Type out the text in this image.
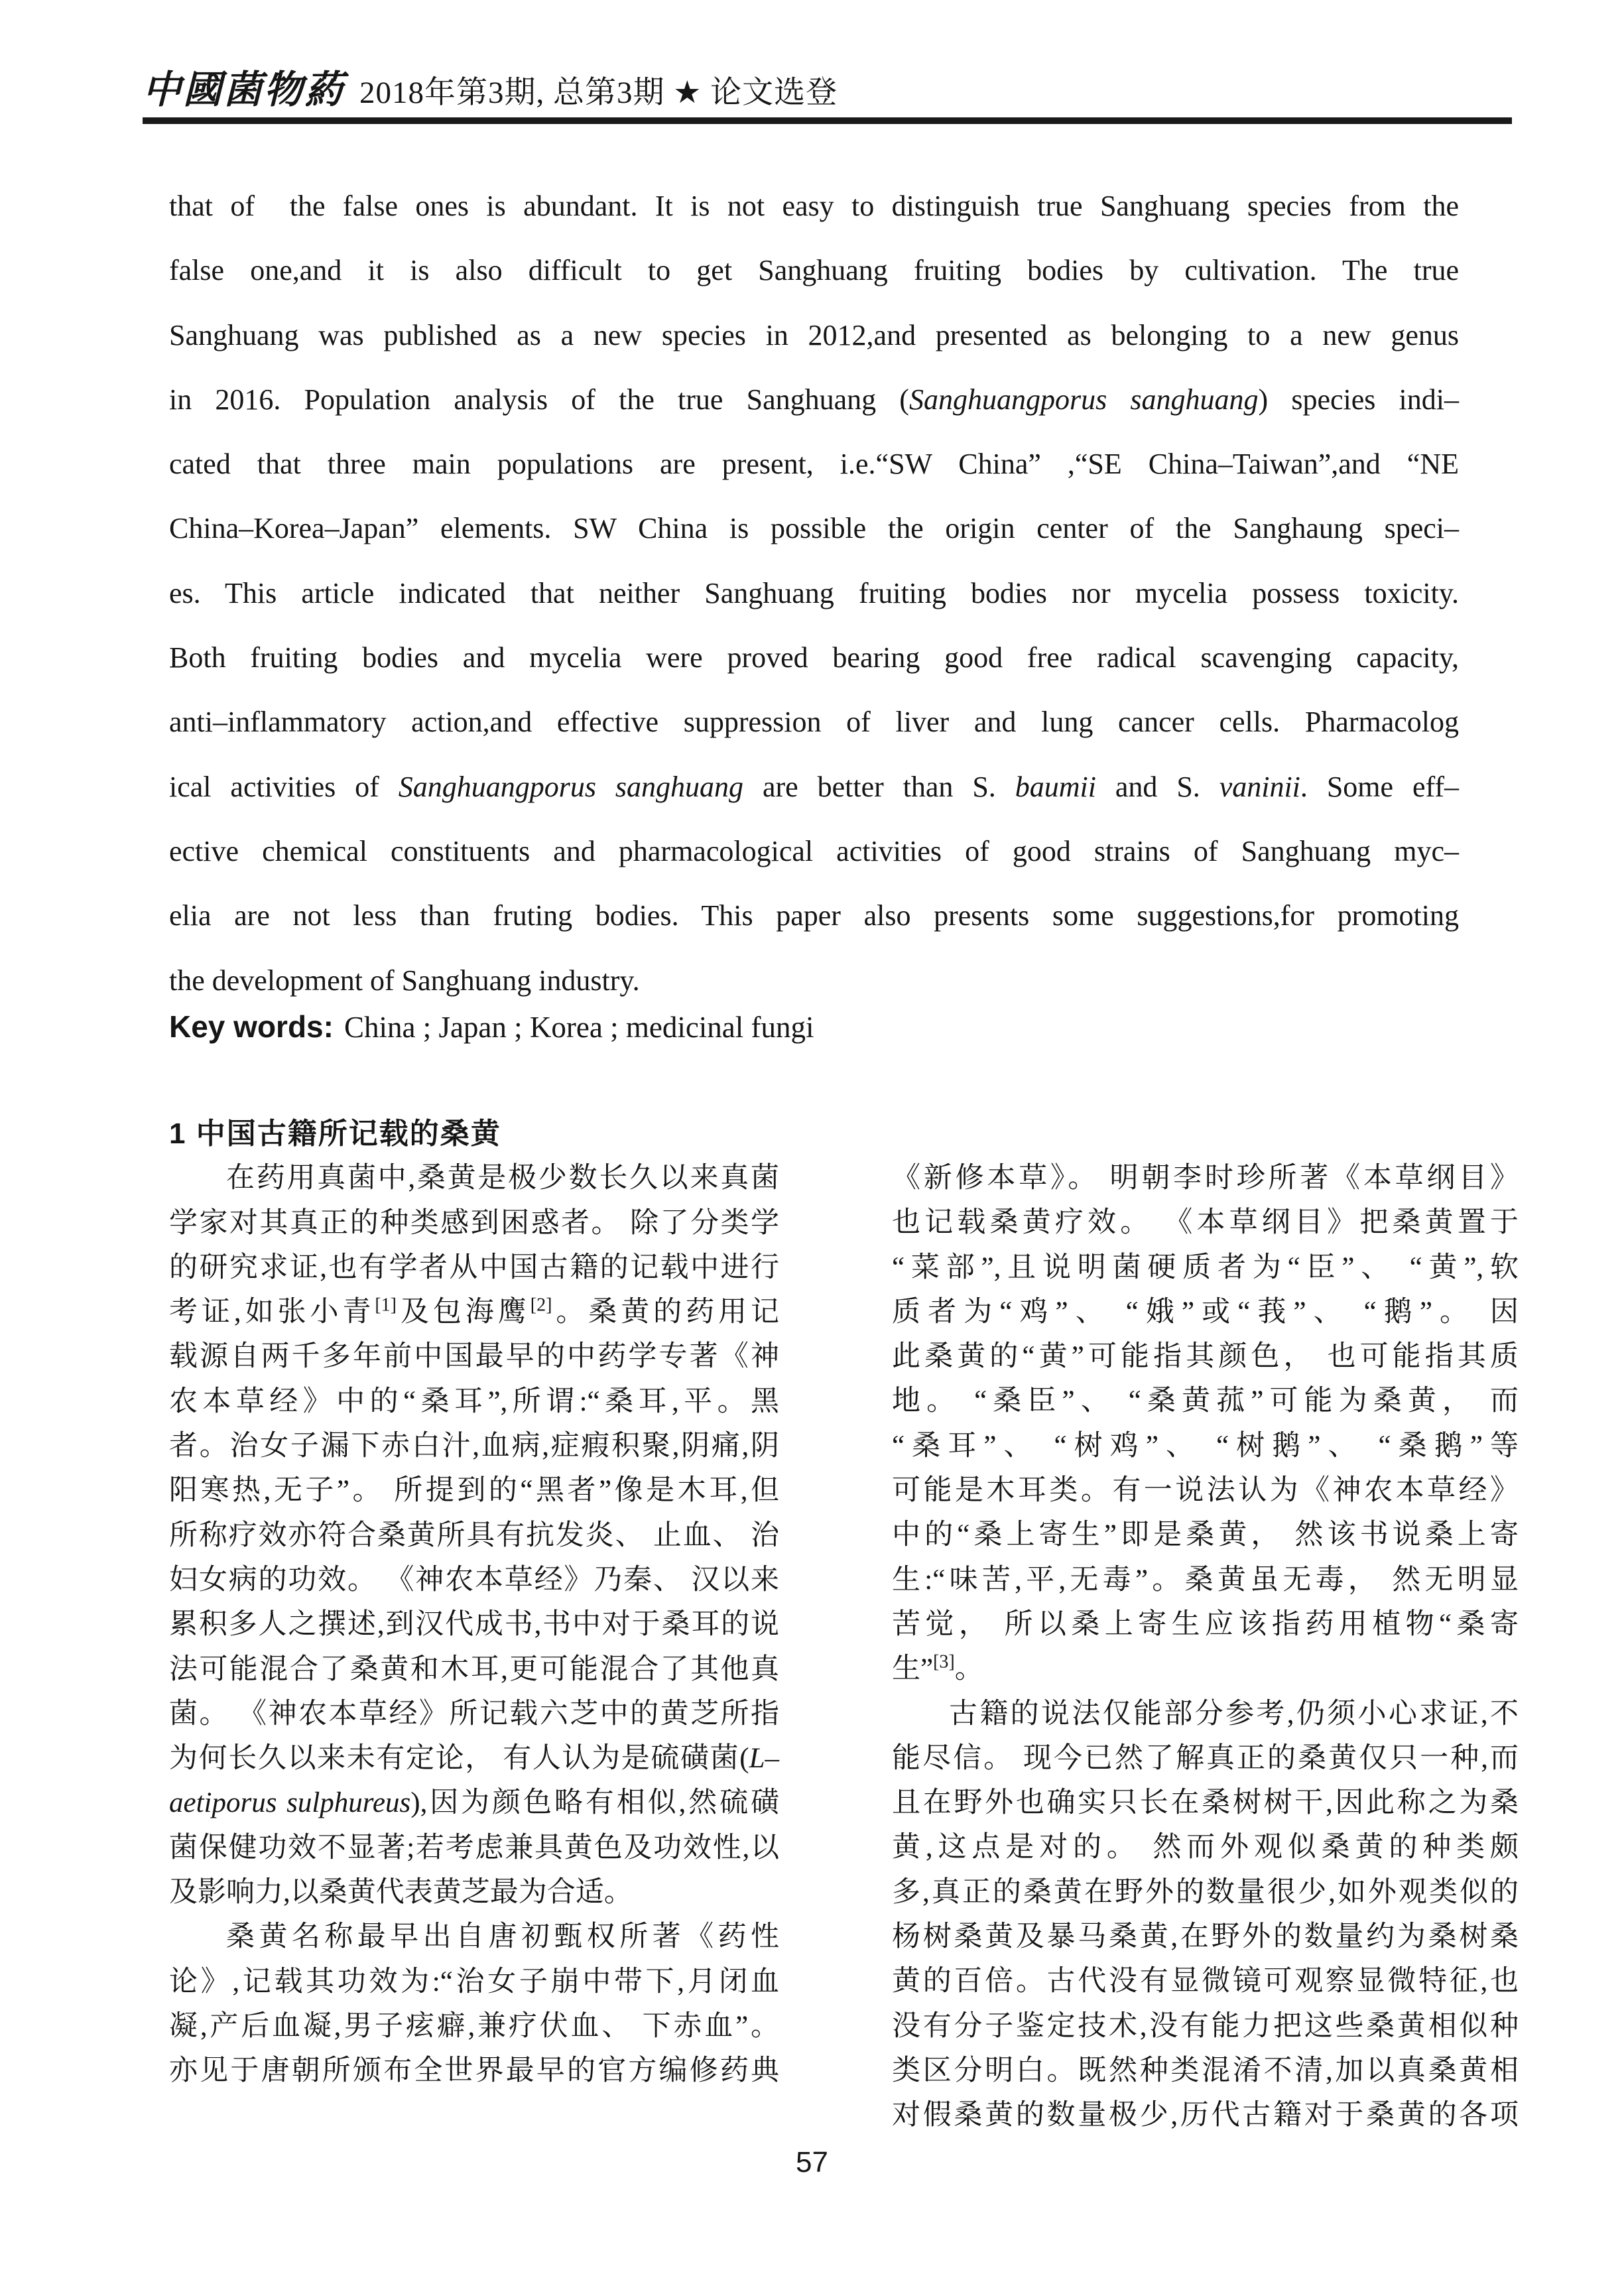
中國菌物葯 2018年第3期, 总第3期 ★ 论文选登
that of  the false ones is abundant. It is not easy to distinguish true Sanghuang species from the
false one,and it is also difficult to get Sanghuang fruiting bodies by cultivation. The true
Sanghuang was published as a new species in 2012,and presented as belonging to a new genus
in 2016. Population analysis of the true Sanghuang (Sanghuangporus sanghuang) species indi–
cated that three main populations are present, i.e.“SW China” ,“SE China–Taiwan”,and “NE
China–Korea–Japan” elements. SW China is possible the origin center of the Sanghaung speci–
es. This article indicated that neither Sanghuang fruiting bodies nor mycelia possess toxicity.
Both fruiting bodies and mycelia were proved bearing good free radical scavenging capacity,
anti–inflammatory action,and effective suppression of liver and lung cancer cells. Pharmacolog
ical activities of Sanghuangporus sanghuang are better than S. baumii and S. vaninii. Some eff–
ective chemical constituents and pharmacological activities of good strains of Sanghuang myc–
elia are not less than fruting bodies. This paper also presents some suggestions,for promoting
the development of Sanghuang industry.

Key words: China ; Japan ; Korea ; medicinal fungi

1 中国古籍所记载的桑黄
在药用真菌中,桑黄是极少数长久以来真菌
学家对其真正的种类感到困惑者。 除了分类学
的研究求证,也有学者从中国古籍的记载中进行
考证,如张小青[1]及包海鹰[2]。桑黄的药用记
载源自两千多年前中国最早的中药学专著《神
农本草经》中的“桑耳”,所谓:“桑耳,平。黑
者。治女子漏下赤白汁,血病,症瘕积聚,阴痛,阴
阳寒热,无子”。 所提到的“黑者”像是木耳,但
所称疗效亦符合桑黄所具有抗发炎、 止血、 治
妇女病的功效。 《神农本草经》乃秦、 汉以来
累积多人之撰述,到汉代成书,书中对于桑耳的说
法可能混合了桑黄和木耳,更可能混合了其他真
菌。 《神农本草经》所记载六芝中的黄芝所指
为何长久以来未有定论， 有人认为是硫磺菌(L–
aetiporus sulphureus),因为颜色略有相似,然硫磺
菌保健功效不显著;若考虑兼具黄色及功效性,以
及影响力,以桑黄代表黄芝最为合适。
桑黄名称最早出自唐初甄权所著《药性
论》,记载其功效为:“治女子崩中带下,月闭血
凝,产后血凝,男子痃癖,兼疗伏血、 下赤血”。
亦见于唐朝所颁布全世界最早的官方编修药典
《新修本草》。 明朝李时珍所著《本草纲目》
也记载桑黄疗效。 《本草纲目》把桑黄置于
“菜部”,且说明菌硬质者为“臣”、 “黄”,软
质者为“鸡”、 “娥”或“莪”、 “鹅”。 因
此桑黄的“黄”可能指其颜色， 也可能指其质
地。 “桑臣”、 “桑黄菰”可能为桑黄， 而
“桑耳”、 “树鸡”、 “树鹅”、 “桑鹅”等
可能是木耳类。有一说法认为《神农本草经》
中的“桑上寄生”即是桑黄， 然该书说桑上寄
生:“味苦,平,无毒”。桑黄虽无毒， 然无明显
苦觉， 所以桑上寄生应该指药用植物“桑寄
生”[3]。
古籍的说法仅能部分参考,仍须小心求证,不
能尽信。 现今已然了解真正的桑黄仅只一种,而
且在野外也确实只长在桑树树干,因此称之为桑
黄,这点是对的。 然而外观似桑黄的种类颇
多,真正的桑黄在野外的数量很少,如外观类似的
杨树桑黄及暴马桑黄,在野外的数量约为桑树桑
黄的百倍。古代没有显微镜可观察显微特征,也
没有分子鉴定技术,没有能力把这些桑黄相似种
类区分明白。既然种类混淆不清,加以真桑黄相
对假桑黄的数量极少,历代古籍对于桑黄的各项
57
